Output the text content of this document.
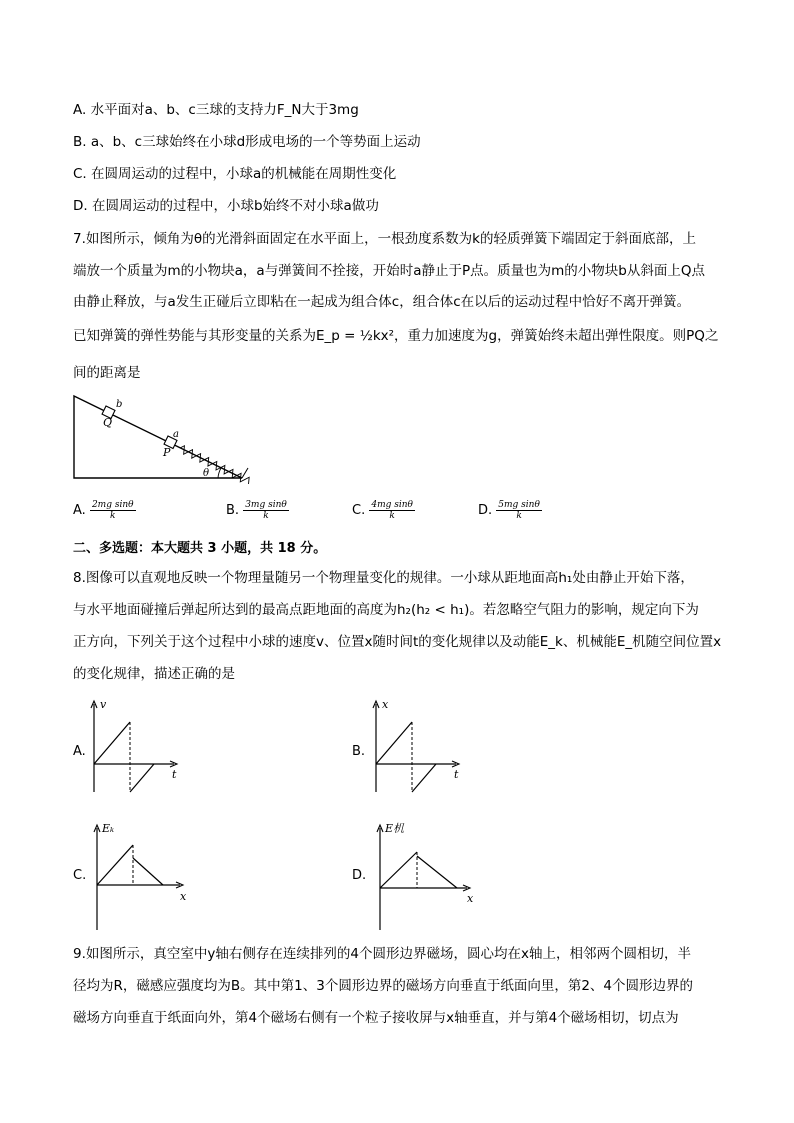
A. 水平面对a、b、c三球的支持力F_N大于3mg
B. a、b、c三球始终在小球d形成电场的一个等势面上运动
C. 在圆周运动的过程中，小球a的机械能在周期性变化
D. 在圆周运动的过程中，小球b始终不对小球a做功
7.如图所示，倾角为θ的光滑斜面固定在水平面上，一根劲度系数为k的轻质弹簧下端固定于斜面底部，上
端放一个质量为m的小物块a，a与弹簧间不拴接，开始时a静止于P点。质量也为m的小物块b从斜面上Q点
由静止释放，与a发生正碰后立即粘在一起成为组合体c，组合体c在以后的运动过程中恰好不离开弹簧。
已知弹簧的弹性势能与其形变量的关系为E_p = ½kx²，重力加速度为g，弹簧始终未超出弹性限度。则PQ之
间的距离是
b
Q
a
P
θ
A. $\frac{\text{2mg sinθ}}{k}$	B. $\frac{\text{3mg sinθ}}{k}$	C. $\frac{\text{4mg sinθ}}{k}$	D. $\frac{\text{5mg sinθ}}{k}$
二、多选题：本大题共 3 小题，共 18 分。
8.图像可以直观地反映一个物理量随另一个物理量变化的规律。一小球从距地面高h₁处由静止开始下落，
与水平地面碰撞后弹起所达到的最高点距地面的高度为h₂(h₂ < h₁)。若忽略空气阻力的影响，规定向下为
正方向，下列关于这个过程中小球的速度v、位置x随时间t的变化规律以及动能E_k、机械能E_机随空间位置x
的变化规律，描述正确的是
A.
v
t
B.
x
t
C.
Eₖ
x
D.
E机
x
9.如图所示，真空室中y轴右侧存在连续排列的4个圆形边界磁场，圆心均在x轴上，相邻两个圆相切，半
径均为R，磁感应强度均为B。其中第1、3个圆形边界的磁场方向垂直于纸面向里，第2、4个圆形边界的
磁场方向垂直于纸面向外，第4个磁场右侧有一个粒子接收屏与x轴垂直，并与第4个磁场相切，切点为
